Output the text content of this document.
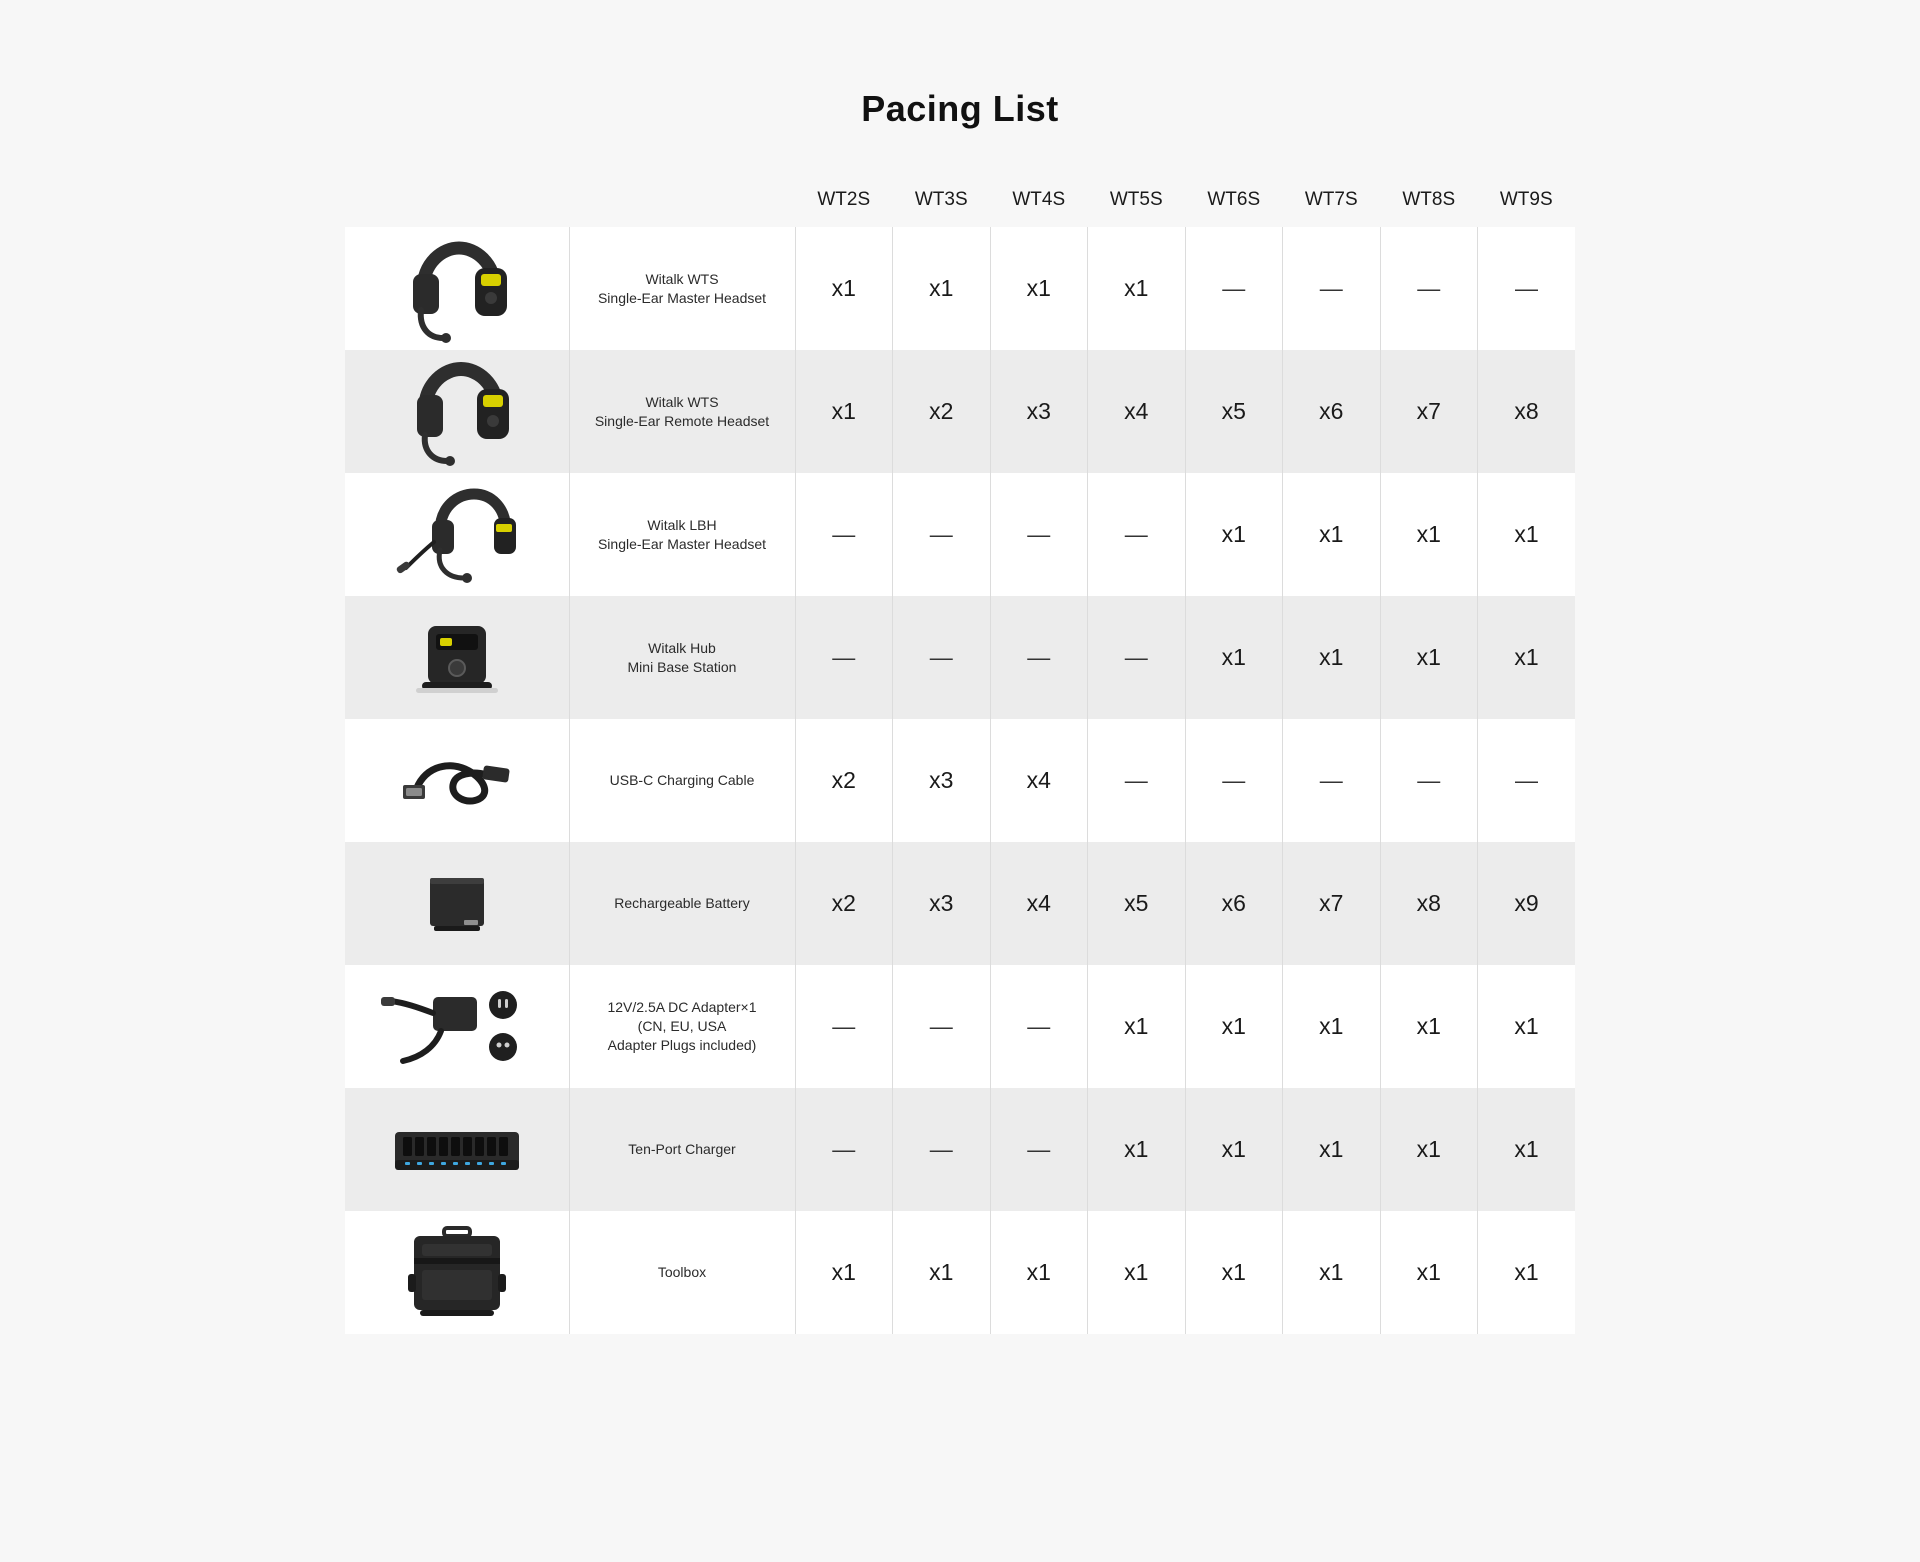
Pacing List
		WT2S	WT3S	WT4S	WT5S	WT6S	WT7S	WT8S	WT9S

Witalk WTS
Single-Ear Master Headset	x1	x1	x1	x1	—	—	—	—

Witalk WTS
Single-Ear Remote Headset	x1	x2	x3	x4	x5	x6	x7	x8

Witalk LBH
Single-Ear Master Headset	—	—	—	—	x1	x1	x1	x1

Witalk Hub
Mini Base Station	—	—	—	—	x1	x1	x1	x1

USB-C Charging Cable	x2	x3	x4	—	—	—	—	—

Rechargeable Battery	x2	x3	x4	x5	x6	x7	x8	x9

12V/2.5A DC Adapter×1
(CN, EU, USA
Adapter Plugs included)	—	—	—	x1	x1	x1	x1	x1

Ten-Port Charger	—	—	—	x1	x1	x1	x1	x1

Toolbox	x1	x1	x1	x1	x1	x1	x1	x1
